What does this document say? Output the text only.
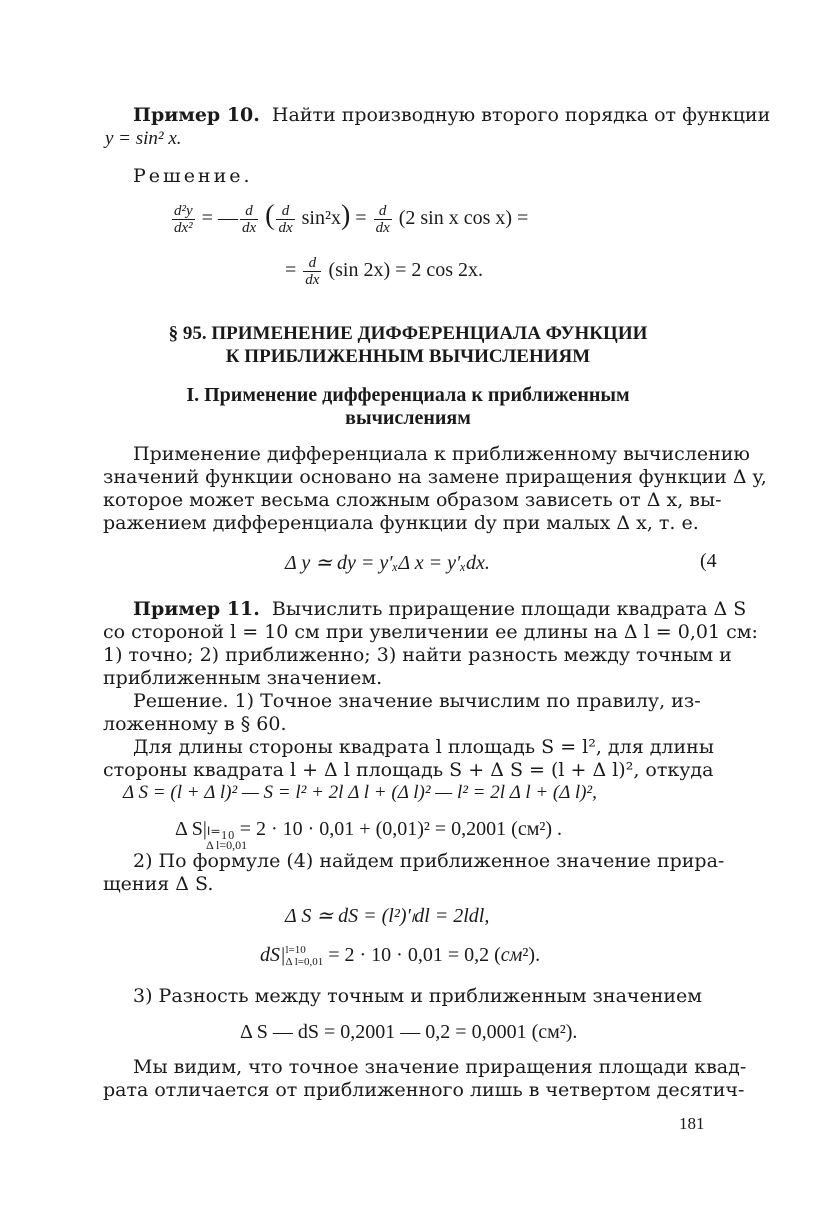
Пример 10. Найти производную второго порядка от функции
y = sin² x.
Решение.
$\frac{\text{d²y}}{\text{dx²}}$ = — $\frac{d}{dx}$ ( $\frac{d}{dx} \sin^2x) = \frac{d}{dx} (2$ sin x cos x) =
= $\frac{d}{dx} (\sin$ 2x) = 2 cos 2x.
§ 95. ПРИМЕНЕНИЕ ДИФФЕРЕНЦИАЛА ФУНКЦИИ
К ПРИБЛИЖЕННЫМ ВЫЧИСЛЕНИЯМ
I. Применение дифференциала к приближенным
вычислениям
Применение дифференциала к приближенному вычислению
значений функции основано на замене приращения функции Δ y,
которое может весьма сложным образом зависеть от Δ x, вы-
ражением дифференциала функции dy при малых Δ x, т. е.
Δ y ≃ dy = y′ₓΔ x = y′ₓdx.	(4
Пример 11. Вычислить приращение площади квадрата Δ S
со стороной l = 10 см при увеличении ее длины на Δ l = 0,01 см:
1) точно; 2) приближенно; 3) найти разность между точным и
приближенным значением.
Решение. 1) Точное значение вычислим по правилу, из-
ложенному в § 60.
Для длины стороны квадрата l площадь S = l², для длины
стороны квадрата l + Δ l площадь S + Δ S = (l + Δ l)², откуда
Δ S = (l + Δ l)² — S = l² + 2l Δ l + (Δ l)² — l² = 2l Δ l + (Δ l)²,
Δ S|ₗ₌₁₀ = 2 · 10 · 0,01 + (0,01)² = 0,2001 (см²) .
Δ l=0,01
2) По формуле (4) найдем приближенное значение прира-
щения Δ S.
Δ S ≃ dS = (l²)′ₗdl = 2ldl,
dS| l=10
Δ l=0,01 = 2 · 10 · 0,01 = 0,2 (см²).
3) Разность между точным и приближенным значением
Δ S — dS = 0,2001 — 0,2 = 0,0001 (см²).
Мы видим, что точное значение приращения площади квад-
рата отличается от приближенного лишь в четвертом десятич-
181
